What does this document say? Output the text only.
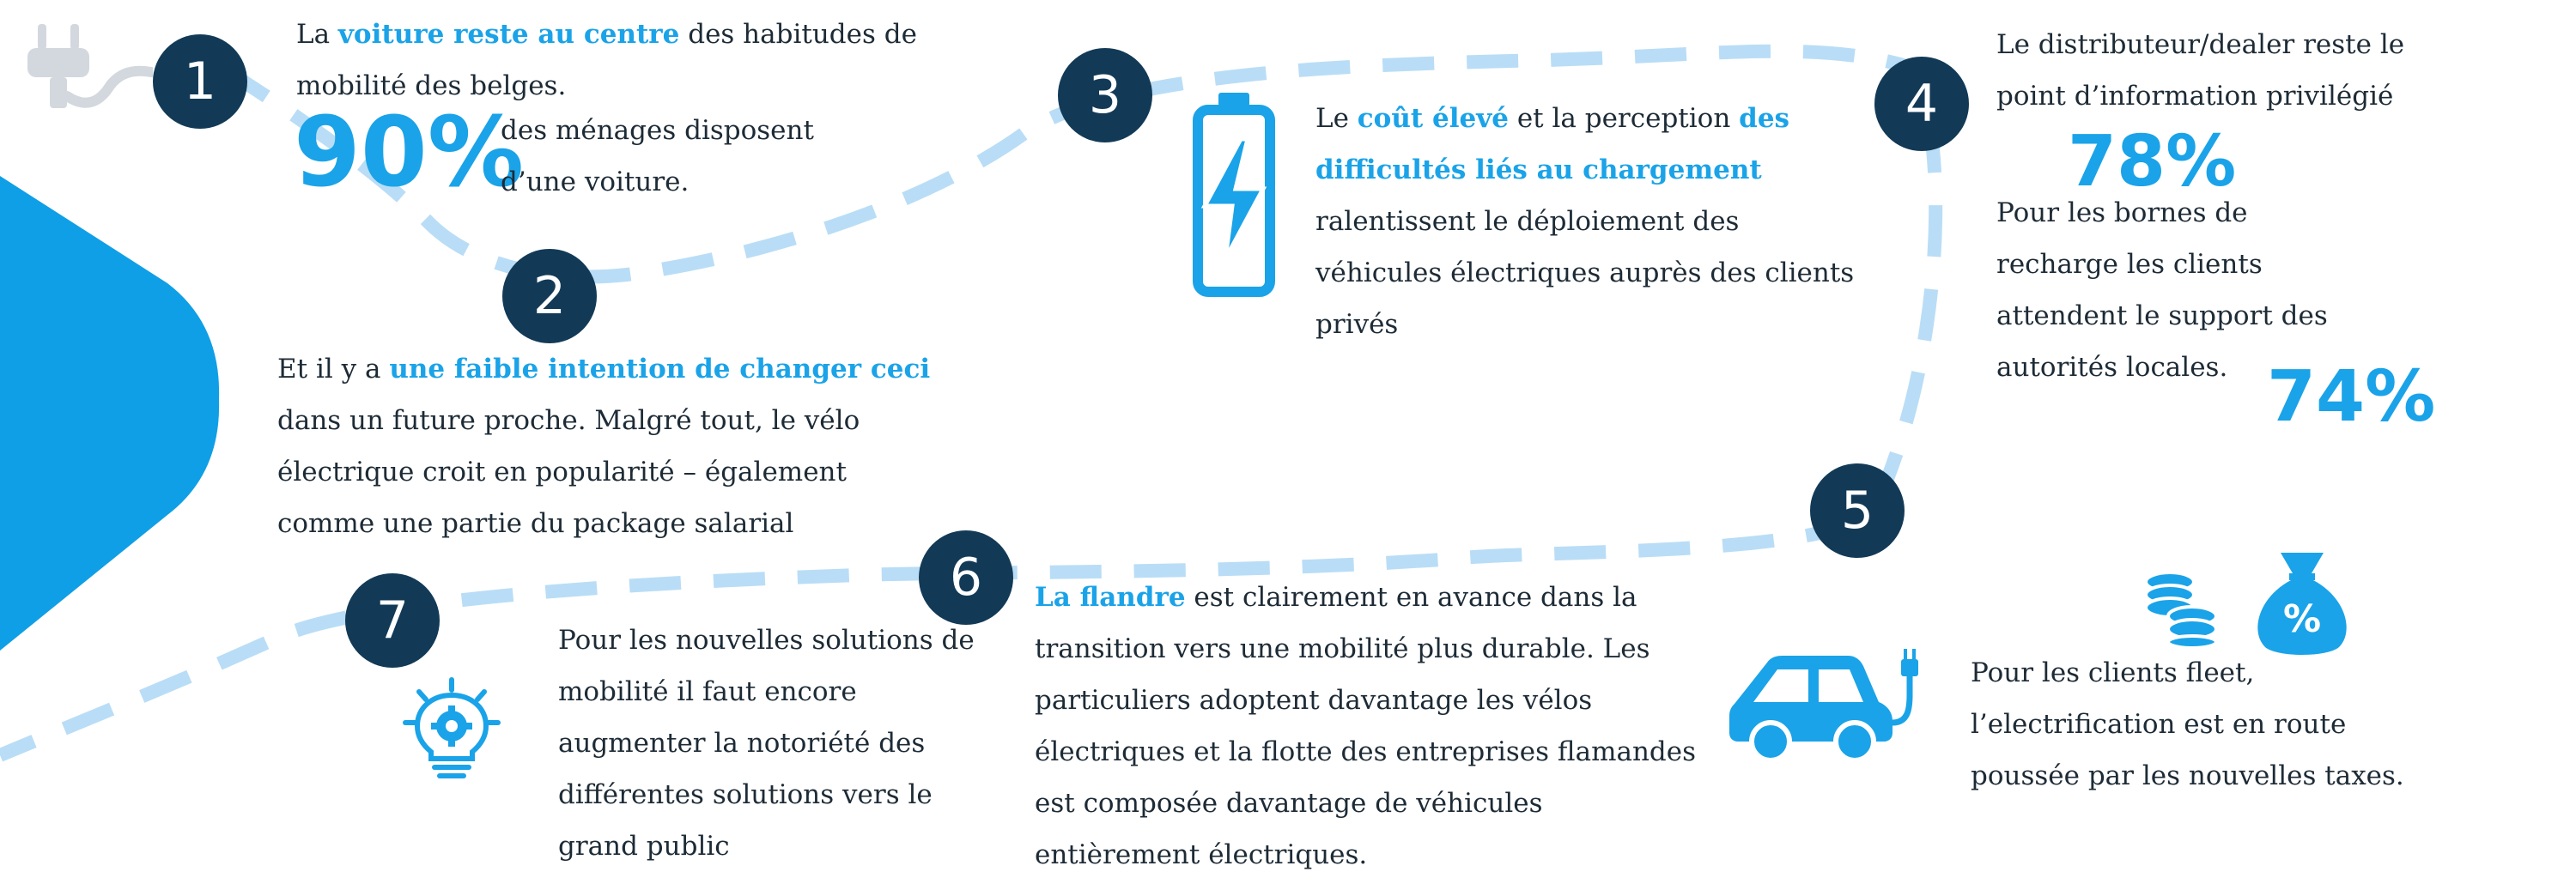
1
La voiture reste au centre des habitudes de
mobilité des belges.
90%
des ménages disposent
d’une voiture.
2
Et il y a une faible intention de changer ceci
dans un future proche. Malgré tout, le vélo
électrique croit en popularité – également
comme une partie du package salarial
3	Le coût élevé et la perception des
difficultés liés au chargement
ralentissent le déploiement des
véhicules électriques auprès des clients
privés
4
Le distributeur/dealer reste le
point d’information privilégié
78%
Pour les bornes de
recharge les clients
attendent le support des
autorités locales. 74%
5
%
Pour les clients fleet,
l’electrification est en route
poussée par les nouvelles taxes.
6	La flandre est clairement en avance dans la
transition vers une mobilité plus durable. Les
particuliers adoptent davantage les vélos
électriques et la flotte des entreprises flamandes
est composée davantage de véhicules
entièrement électriques.
7	Pour les nouvelles solutions de
mobilité il faut encore
augmenter la notoriété des
différentes solutions vers le
grand public
